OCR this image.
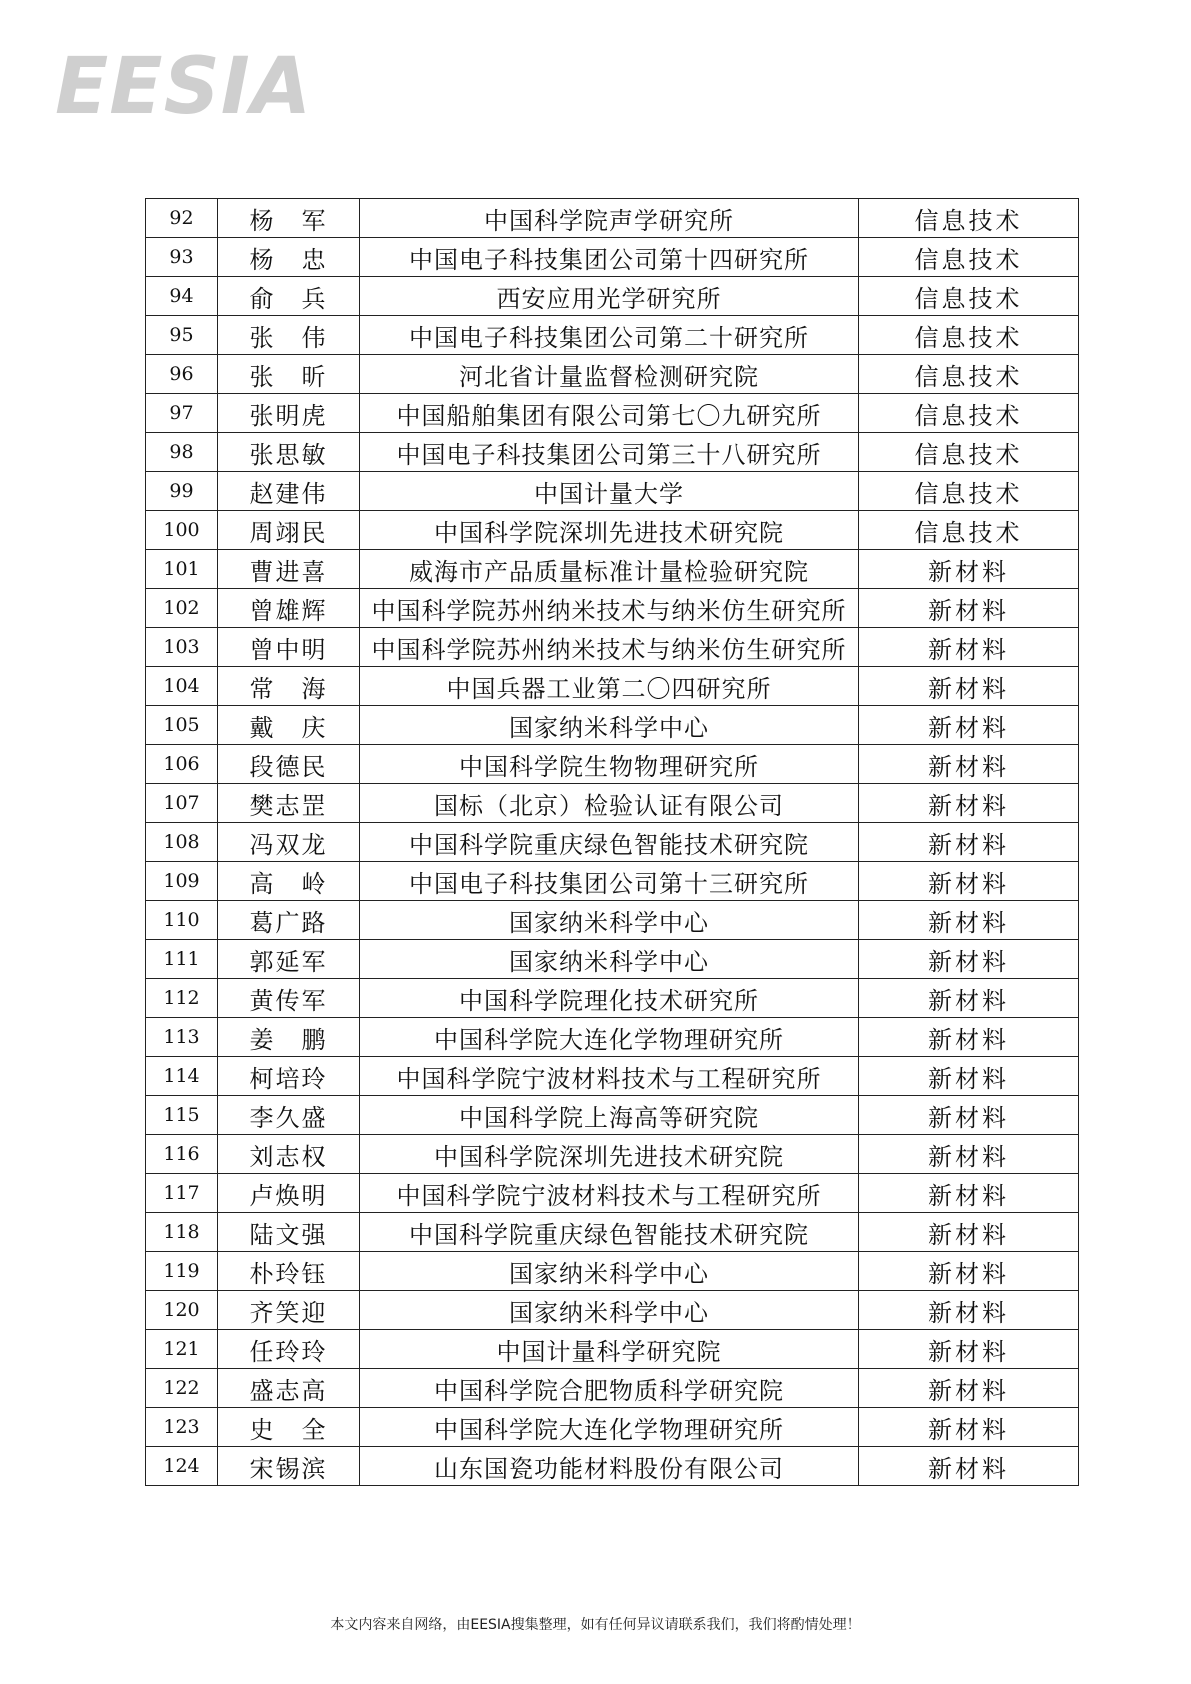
EESIA
92	杨　军	中国科学院声学研究所	信息技术
93	杨　忠	中国电子科技集团公司第十四研究所	信息技术
94	俞　兵	西安应用光学研究所	信息技术
95	张　伟	中国电子科技集团公司第二十研究所	信息技术
96	张　昕	河北省计量监督检测研究院	信息技术
97	张明虎	中国船舶集团有限公司第七〇九研究所	信息技术
98	张思敏	中国电子科技集团公司第三十八研究所	信息技术
99	赵建伟	中国计量大学	信息技术
100	周翊民	中国科学院深圳先进技术研究院	信息技术
101	曹进喜	威海市产品质量标准计量检验研究院	新材料
102	曾雄辉	中国科学院苏州纳米技术与纳米仿生研究所	新材料
103	曾中明	中国科学院苏州纳米技术与纳米仿生研究所	新材料
104	常　海	中国兵器工业第二〇四研究所	新材料
105	戴　庆	国家纳米科学中心	新材料
106	段德民	中国科学院生物物理研究所	新材料
107	樊志罡	国标（北京）检验认证有限公司	新材料
108	冯双龙	中国科学院重庆绿色智能技术研究院	新材料
109	高　岭	中国电子科技集团公司第十三研究所	新材料
110	葛广路	国家纳米科学中心	新材料
111	郭延军	国家纳米科学中心	新材料
112	黄传军	中国科学院理化技术研究所	新材料
113	姜　鹏	中国科学院大连化学物理研究所	新材料
114	柯培玲	中国科学院宁波材料技术与工程研究所	新材料
115	李久盛	中国科学院上海高等研究院	新材料
116	刘志权	中国科学院深圳先进技术研究院	新材料
117	卢焕明	中国科学院宁波材料技术与工程研究所	新材料
118	陆文强	中国科学院重庆绿色智能技术研究院	新材料
119	朴玲钰	国家纳米科学中心	新材料
120	齐笑迎	国家纳米科学中心	新材料
121	任玲玲	中国计量科学研究院	新材料
122	盛志高	中国科学院合肥物质科学研究院	新材料
123	史　全	中国科学院大连化学物理研究所	新材料
124	宋锡滨	山东国瓷功能材料股份有限公司	新材料
本文内容来自网络，由EESIA搜集整理，如有任何异议请联系我们，我们将酌情处理！
